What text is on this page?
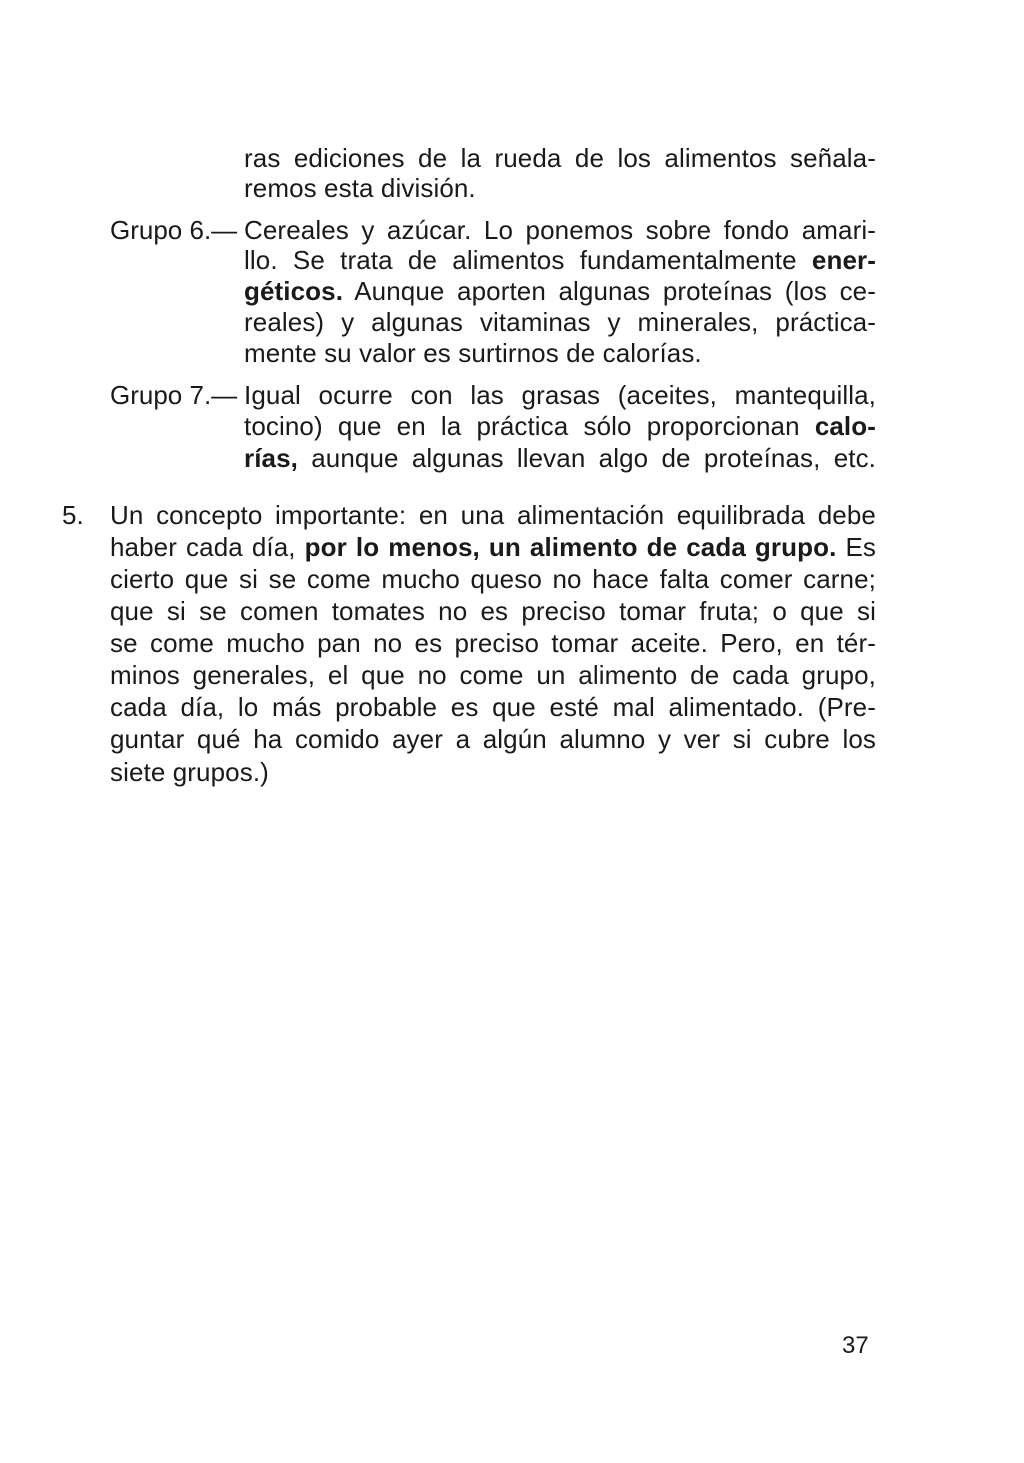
ras ediciones de la rueda de los alimentos señala-
remos esta división.
Grupo 6.— Cereales y azúcar. Lo ponemos sobre fondo amari-
llo. Se trata de alimentos fundamentalmente ener-
géticos. Aunque aporten algunas proteínas (los ce-
reales) y algunas vitaminas y minerales, práctica-
mente su valor es surtirnos de calorías.
Grupo 7.— Igual ocurre con las grasas (aceites, mantequilla,
tocino) que en la práctica sólo proporcionan calo-
rías, aunque algunas llevan algo de proteínas, etc.
5. Un concepto importante: en una alimentación equilibrada debe
haber cada día, por lo menos, un alimento de cada grupo. Es
cierto que si se come mucho queso no hace falta comer carne;
que si se comen tomates no es preciso tomar fruta; o que si
se come mucho pan no es preciso tomar aceite. Pero, en tér-
minos generales, el que no come un alimento de cada grupo,
cada día, lo más probable es que esté mal alimentado. (Pre-
guntar qué ha comido ayer a algún alumno y ver si cubre los
siete grupos.)
37
